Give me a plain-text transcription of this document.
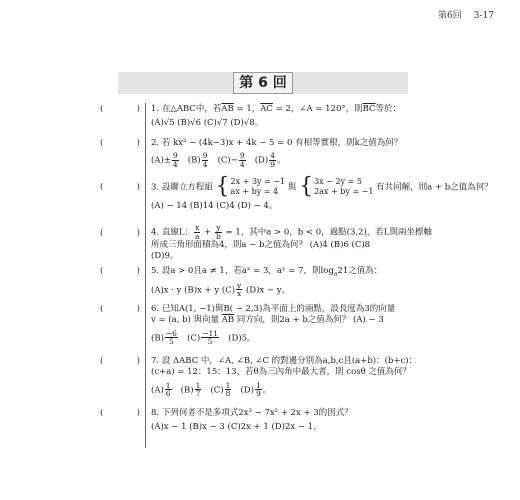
第6回 3-17
第 6 回
(	) 1. 在△ABC中，若$\overline{AB} = 1$，$\overline{AC} = 2$，∠A = 120°，則$\overline{BC}$等於：
(A)√5 (B)√6 (C)√7 (D)√8。
(	) 2. 若 kx² − (4k−3)x + 4k − 5 = 0 有相等實根，則k之值為何？
$(A)\pm \frac{9}{4} (B) \frac{9}{4} (C)- \frac{9}{4} (D) \frac{4}{9}$ 。
(	) 3. 設聯立方程組 { 2x + 3y = −1
ax + by = 4	與 { 3x − 2y = 5
2ax + by = −1 有共同解，則a + b之值為何？
(A) − 14 (B)14 (C)4 (D) − 4。
(	) 4. 直線L： $\frac{x}{a} + \frac{y}{b} = 1$，其中a > 0，b < 0，過點(3,2)，若L與兩坐標軸
所成三角形面積為4，則a − b之值為何？ (A)4 (B)6 (C)8
(D)9。
(	) 5. 設a > 0且a ≠ 1，若aˣ = 3，aʸ = 7，則$\log_a21$之值為：
(A)x · y (B)x + y $(C) \frac{y}{x} (D)x - y$。
(	) 6. 已知A(1, −1)與B( − 2,3)為平面上的兩點，設長度為3的向量
v = (a, b) 與向量 $\overline{AB}$ 同方向，則2a + b之值為何？ (A) − 3
$(B) \frac{-6}{5} (C) \frac{-11}{5} (D)5$。
(	) 7. 設 ΔABC 中，∠A, ∠B, ∠C 的對邊分別為a,b,c且(a+b)：(b+c)：
(c+a) = 12：15：13，若θ為三內角中最大者，則 cosθ 之值為何？
$(A) \frac{1}{6} (B) \frac{1}{7} (C) \frac{1}{8} (D) \frac{1}{9}$ 。
(	) 8. 下列何者不是多項式2x³ − 7x² + 2x + 3的因式？
(A)x − 1 (B)x − 3 (C)2x + 1 (D)2x − 1。
